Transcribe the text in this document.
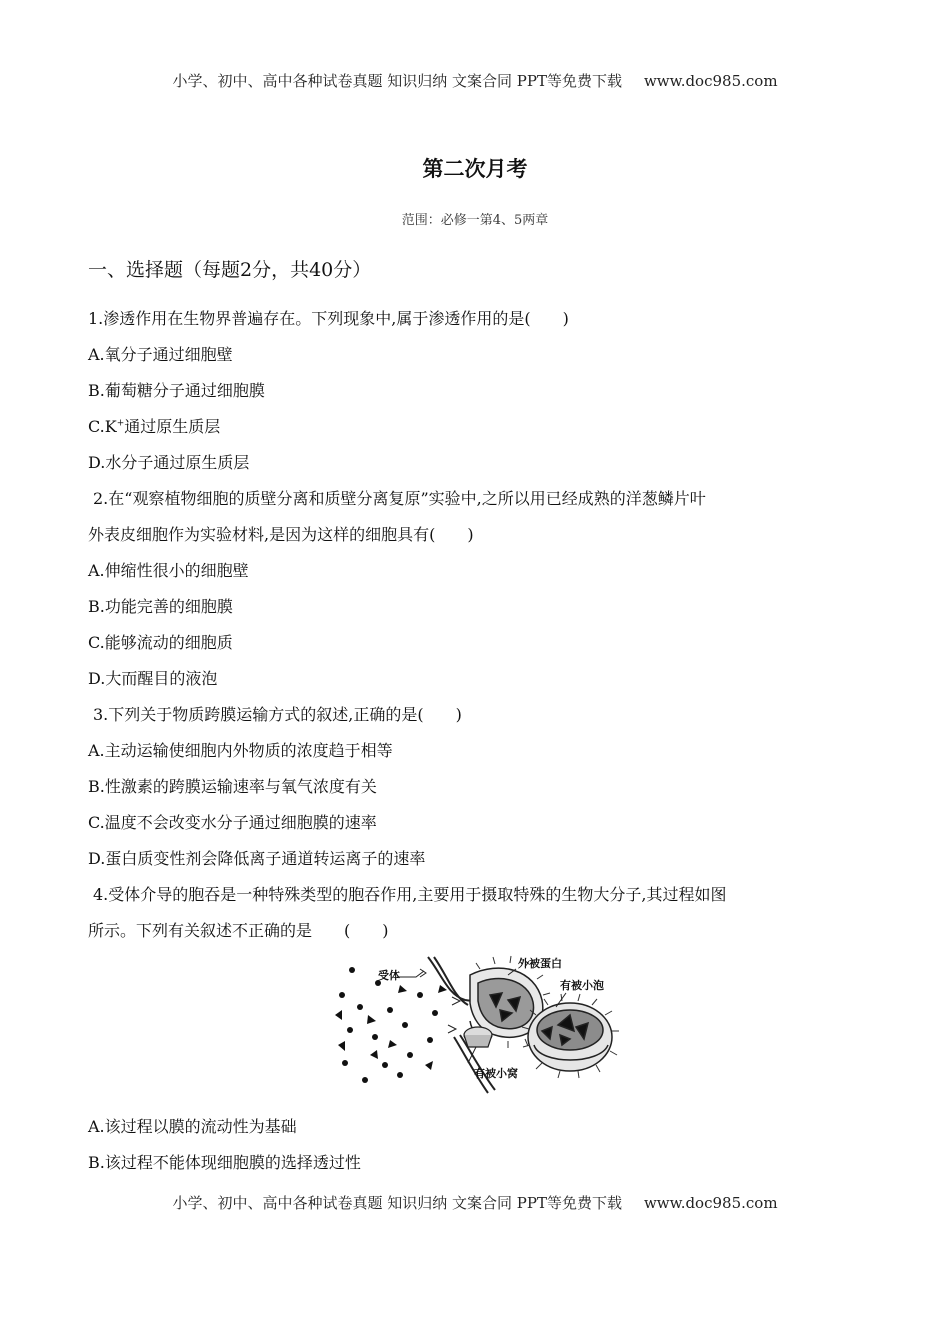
小学、初中、高中各种试卷真题 知识归纳 文案合同 PPT等免费下载 www.doc985.com
第二次月考
范围：必修一第4、5两章
一、选择题（每题2分，共40分）
1.渗透作用在生物界普遍存在。下列现象中,属于渗透作用的是(　　)
A.氧分子通过细胞壁
B.葡萄糖分子通过细胞膜
C.K+通过原生质层
D.水分子通过原生质层
2.在“观察植物细胞的质壁分离和质壁分离复原”实验中,之所以用已经成熟的洋葱鳞片叶
外表皮细胞作为实验材料,是因为这样的细胞具有(　　)
A.伸缩性很小的细胞壁
B.功能完善的细胞膜
C.能够流动的细胞质
D.大而醒目的液泡
3.下列关于物质跨膜运输方式的叙述,正确的是(　　)
A.主动运输使细胞内外物质的浓度趋于相等
B.性激素的跨膜运输速率与氧气浓度有关
C.温度不会改变水分子通过细胞膜的速率
D.蛋白质变性剂会降低离子通道转运离子的速率
4.受体介导的胞吞是一种特殊类型的胞吞作用,主要用于摄取特殊的生物大分子,其过程如图
所示。下列有关叙述不正确的是　　(　　)
受体
外被蛋白
有被小泡
有被小窝
A.该过程以膜的流动性为基础
B.该过程不能体现细胞膜的选择透过性
小学、初中、高中各种试卷真题 知识归纳 文案合同 PPT等免费下载 www.doc985.com
